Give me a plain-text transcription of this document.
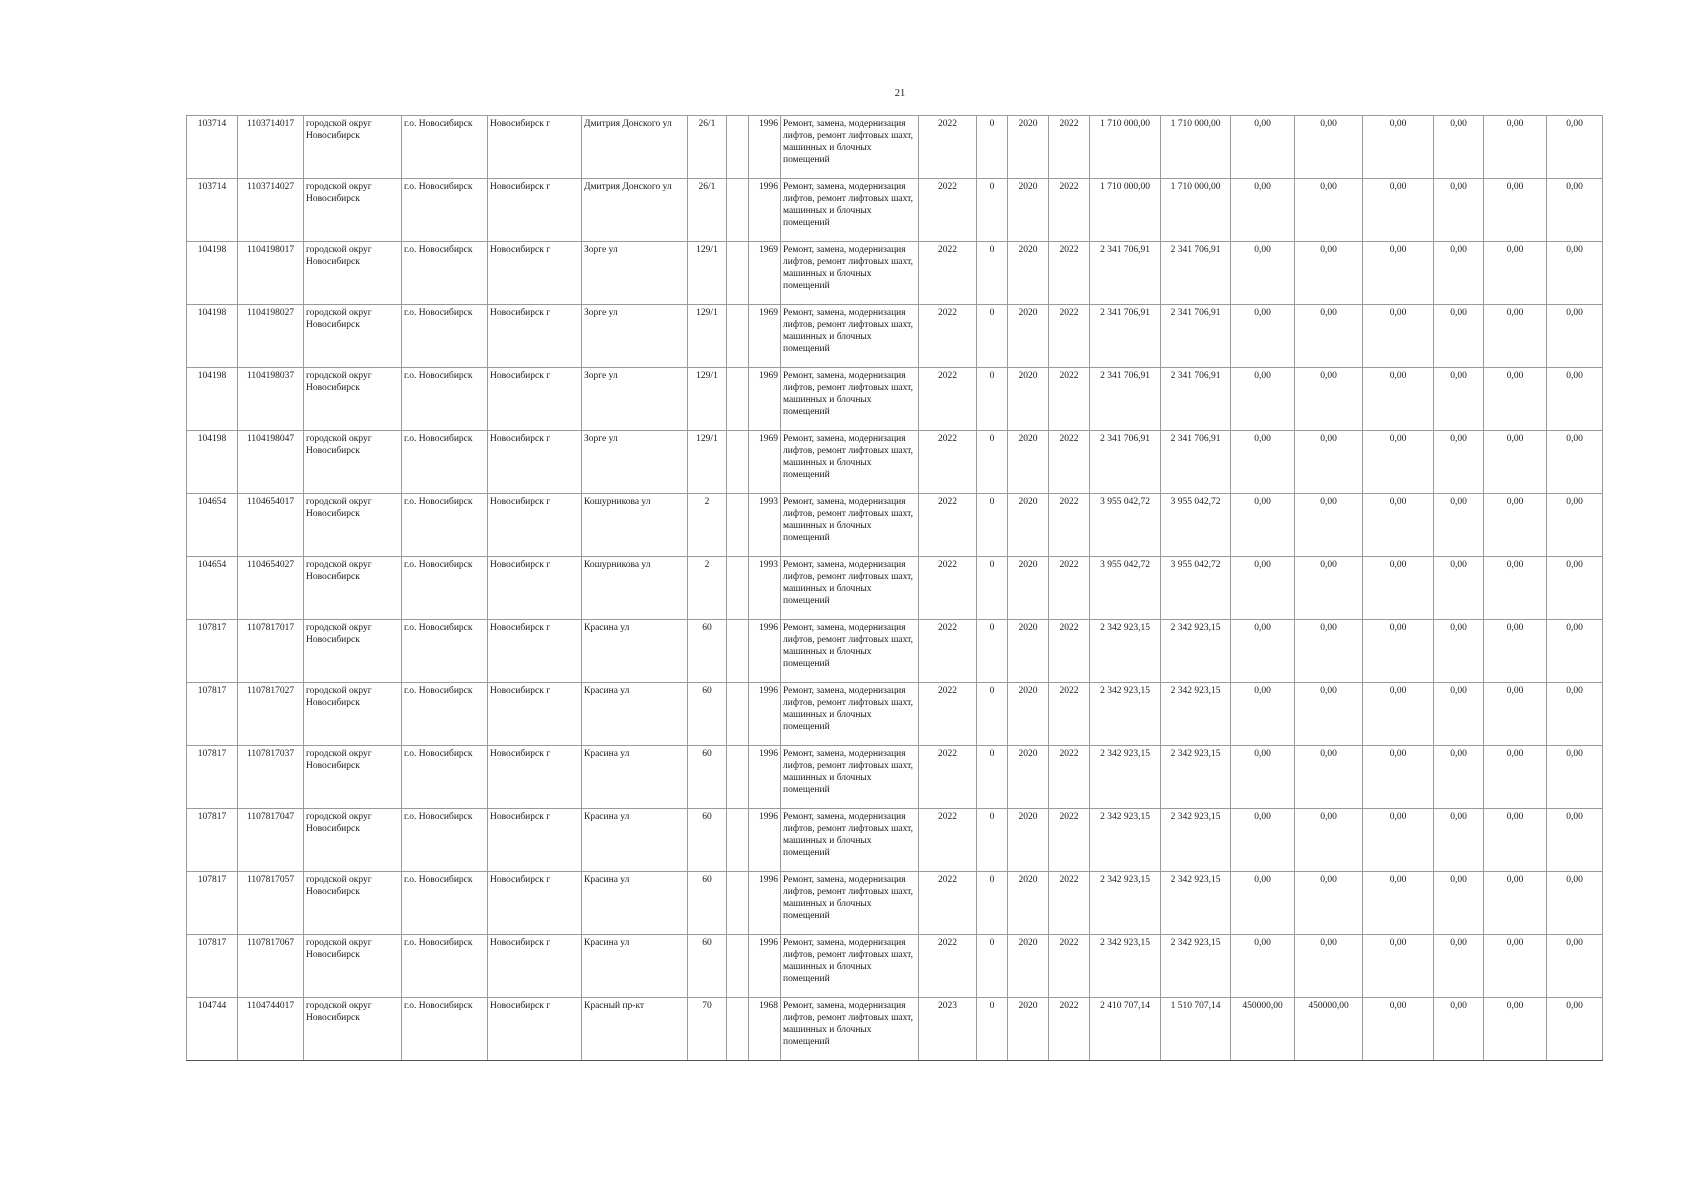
21
103714	1103714017	городской округ Новосибирск	г.о. Новосибирск	Новосибирск г	Дмитрия Донского ул	26/1		1996	Ремонт, замена, модернизация лифтов, ремонт лифтовых шахт, машинных и блочных помещений	2022	0	2020	2022	1 710 000,00	1 710 000,00	0,00	0,00	0,00	0,00	0,00	0,00
103714	1103714027	городской округ Новосибирск	г.о. Новосибирск	Новосибирск г	Дмитрия Донского ул	26/1		1996	Ремонт, замена, модернизация лифтов, ремонт лифтовых шахт, машинных и блочных помещений	2022	0	2020	2022	1 710 000,00	1 710 000,00	0,00	0,00	0,00	0,00	0,00	0,00
104198	1104198017	городской округ Новосибирск	г.о. Новосибирск	Новосибирск г	Зорге ул	129/1		1969	Ремонт, замена, модернизация лифтов, ремонт лифтовых шахт, машинных и блочных помещений	2022	0	2020	2022	2 341 706,91	2 341 706,91	0,00	0,00	0,00	0,00	0,00	0,00
104198	1104198027	городской округ Новосибирск	г.о. Новосибирск	Новосибирск г	Зорге ул	129/1		1969	Ремонт, замена, модернизация лифтов, ремонт лифтовых шахт, машинных и блочных помещений	2022	0	2020	2022	2 341 706,91	2 341 706,91	0,00	0,00	0,00	0,00	0,00	0,00
104198	1104198037	городской округ Новосибирск	г.о. Новосибирск	Новосибирск г	Зорге ул	129/1		1969	Ремонт, замена, модернизация лифтов, ремонт лифтовых шахт, машинных и блочных помещений	2022	0	2020	2022	2 341 706,91	2 341 706,91	0,00	0,00	0,00	0,00	0,00	0,00
104198	1104198047	городской округ Новосибирск	г.о. Новосибирск	Новосибирск г	Зорге ул	129/1		1969	Ремонт, замена, модернизация лифтов, ремонт лифтовых шахт, машинных и блочных помещений	2022	0	2020	2022	2 341 706,91	2 341 706,91	0,00	0,00	0,00	0,00	0,00	0,00
104654	1104654017	городской округ Новосибирск	г.о. Новосибирск	Новосибирск г	Кошурникова ул	2		1993	Ремонт, замена, модернизация лифтов, ремонт лифтовых шахт, машинных и блочных помещений	2022	0	2020	2022	3 955 042,72	3 955 042,72	0,00	0,00	0,00	0,00	0,00	0,00
104654	1104654027	городской округ Новосибирск	г.о. Новосибирск	Новосибирск г	Кошурникова ул	2		1993	Ремонт, замена, модернизация лифтов, ремонт лифтовых шахт, машинных и блочных помещений	2022	0	2020	2022	3 955 042,72	3 955 042,72	0,00	0,00	0,00	0,00	0,00	0,00
107817	1107817017	городской округ Новосибирск	г.о. Новосибирск	Новосибирск г	Красина ул	60		1996	Ремонт, замена, модернизация лифтов, ремонт лифтовых шахт, машинных и блочных помещений	2022	0	2020	2022	2 342 923,15	2 342 923,15	0,00	0,00	0,00	0,00	0,00	0,00
107817	1107817027	городской округ Новосибирск	г.о. Новосибирск	Новосибирск г	Красина ул	60		1996	Ремонт, замена, модернизация лифтов, ремонт лифтовых шахт, машинных и блочных помещений	2022	0	2020	2022	2 342 923,15	2 342 923,15	0,00	0,00	0,00	0,00	0,00	0,00
107817	1107817037	городской округ Новосибирск	г.о. Новосибирск	Новосибирск г	Красина ул	60		1996	Ремонт, замена, модернизация лифтов, ремонт лифтовых шахт, машинных и блочных помещений	2022	0	2020	2022	2 342 923,15	2 342 923,15	0,00	0,00	0,00	0,00	0,00	0,00
107817	1107817047	городской округ Новосибирск	г.о. Новосибирск	Новосибирск г	Красина ул	60		1996	Ремонт, замена, модернизация лифтов, ремонт лифтовых шахт, машинных и блочных помещений	2022	0	2020	2022	2 342 923,15	2 342 923,15	0,00	0,00	0,00	0,00	0,00	0,00
107817	1107817057	городской округ Новосибирск	г.о. Новосибирск	Новосибирск г	Красина ул	60		1996	Ремонт, замена, модернизация лифтов, ремонт лифтовых шахт, машинных и блочных помещений	2022	0	2020	2022	2 342 923,15	2 342 923,15	0,00	0,00	0,00	0,00	0,00	0,00
107817	1107817067	городской округ Новосибирск	г.о. Новосибирск	Новосибирск г	Красина ул	60		1996	Ремонт, замена, модернизация лифтов, ремонт лифтовых шахт, машинных и блочных помещений	2022	0	2020	2022	2 342 923,15	2 342 923,15	0,00	0,00	0,00	0,00	0,00	0,00
104744	1104744017	городской округ Новосибирск	г.о. Новосибирск	Новосибирск г	Красный пр-кт	70		1968	Ремонт, замена, модернизация лифтов, ремонт лифтовых шахт, машинных и блочных помещений	2023	0	2020	2022	2 410 707,14	1 510 707,14	450000,00	450000,00	0,00	0,00	0,00	0,00
